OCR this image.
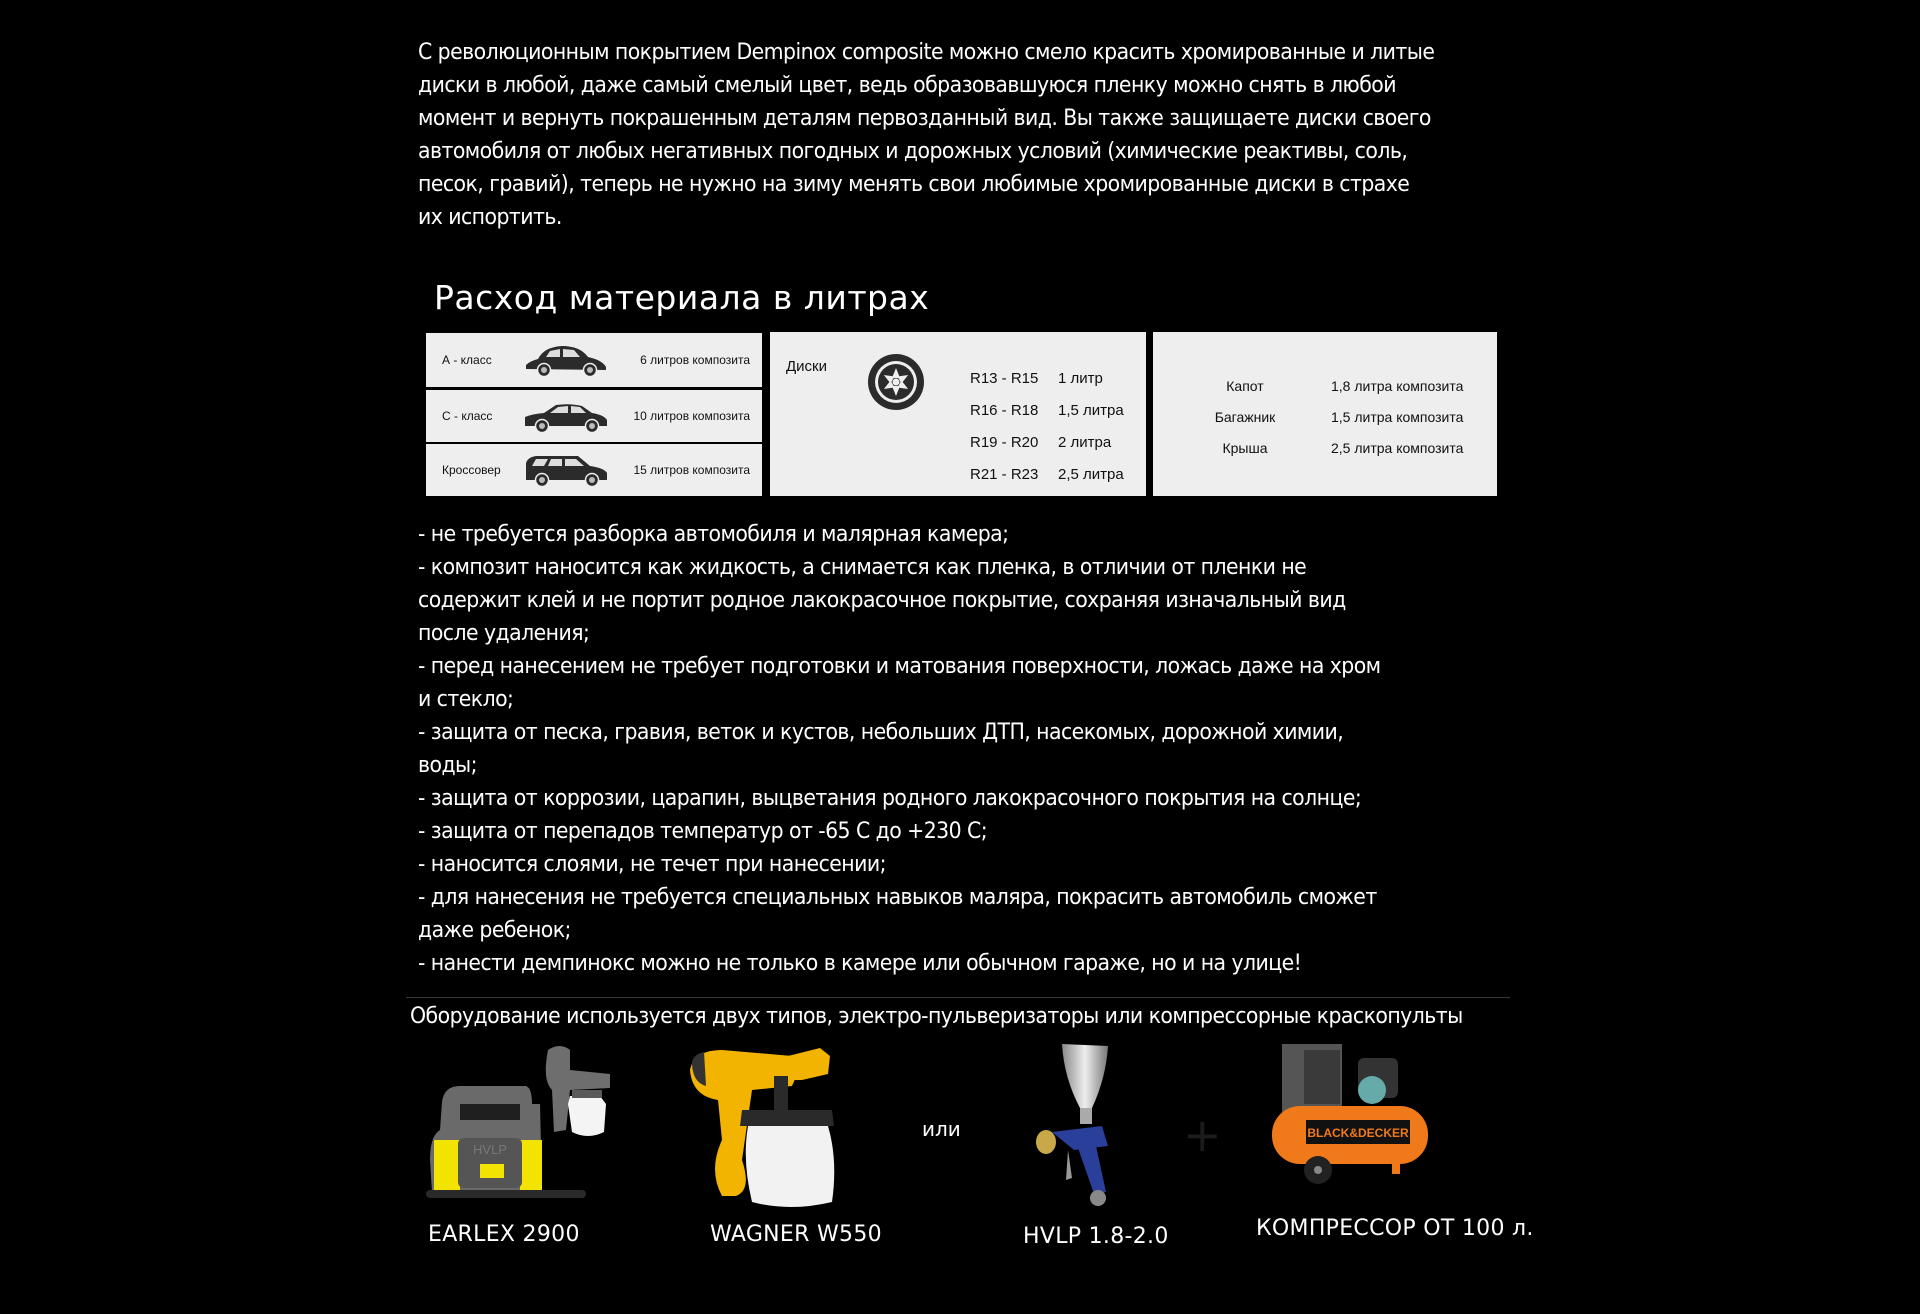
С революционным покрытием Dempinox composite можно смело красить хромированные и литые
диски в любой, даже самый смелый цвет, ведь образовавшуюся пленку можно снять в любой
момент и вернуть покрашенным деталям первозданный вид. Вы также защищаете диски своего
автомобиля от любых негативных погодных и дорожных условий (химические реактивы, соль,
песок, гравий), теперь не нужно на зиму менять свои любимые хромированные диски в страхе
их испортить.
Расход материала в литрах
А - класс	6 литров композита
С - класс	10 литров композита
Кроссовер	15 литров композита
Диски
R13 - R15 1 литр
R16 - R18 1,5 литра
R19 - R20 2 литра
R21 - R23 2,5 литра
Капот	1,8 литра композита
Багажник	1,5 литра композита
Крыша	2,5 литра композита
- не требуется разборка автомобиля и малярная камера;
- композит наносится как жидкость, а снимается как пленка, в отличии от пленки не
содержит клей и не портит родное лакокрасочное покрытие, сохраняя изначальный вид
после удаления;
- перед нанесением не требует подготовки и матования поверхности, ложась даже на хром
и стекло;
- защита от песка, гравия, веток и кустов, небольших ДТП, насекомых, дорожной химии,
воды;
- защита от коррозии, царапин, выцветания родного лакокрасочного покрытия на солнце;
- защита от перепадов температур от -65 С до +230 С;
- наносится слоями, не течет при нанесении;
- для нанесения не требуется специальных навыков маляра, покрасить автомобиль сможет
даже ребенок;
- нанести демпинокс можно не только в камере или обычном гараже, но и на улице!
Оборудование используется двух типов, электро-пульверизаторы или компрессорные краскопульты
HVLP
или	+	BLACK&DECKER
EARLEX 2900	WAGNER W550	HVLP 1.8-2.0	КОМПРЕССОР ОТ 100 л.
